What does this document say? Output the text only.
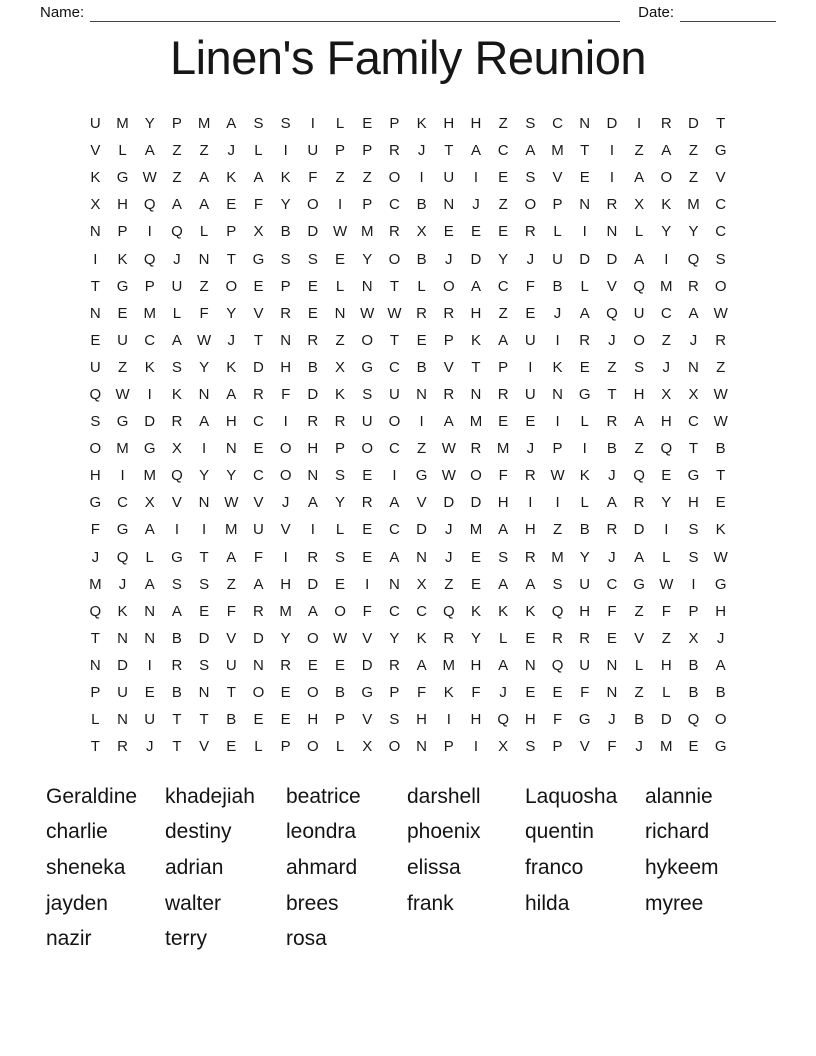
Name:	Date:
Linen's Family Reunion
U	M	Y	P	M	A	S	S	I	L	E	P	K	H	H	Z	S	C	N	D	I	R	D	T
V	L	A	Z	Z	J	L	I	U	P	P	R	J	T	A	C	A	M	T	I	Z	A	Z	G
K	G W	Z	A	K	A	K	F	Z	Z	O	I	U	I	E	S	V	E	I	A	O	Z	V
X	H	Q	A	A	E	F	Y	O	I	P	C	B	N	J	Z	O	P	N	R	X	K	M	C
N	P	I	Q	L	P	X	B	D W M	R	X	E	E	E	R	L	I	N	L	Y	Y	C
I	K	Q	J	N	T	G	S	S	E	Y	O	B	J	D	Y	J	U	D	D	A	I	Q	S
T	G	P	U	Z	O	E	P	E	L	N	T	L	O	A	C	F	B	L	V	Q	M	R	O
N	E	M	L	F	Y	V	R	E	N W W R	R	H	Z	E	J	A	Q	U	C	A	W
E	U	C	A	W	J	T	N	R	Z	O	T	E	P	K	A	U	I	R	J	O	Z	J	R
U	Z	K	S	Y	K	D	H	B	X	G	C	B	V	T	P	I	K	E	Z	S	J	N	Z
Q W	I	K	N	A	R	F	D	K	S	U	N	R	N	R	U	N	G	T	H	X	X	W
S	G	D	R	A	H	C	I	R	R	U	O	I	A	M	E	E	I	L	R	A	H	C W
O	M	G	X	I	N	E	O	H	P	O	C	Z	W R	M	J	P	I	B	Z	Q	T	B
H	I	M	Q	Y	Y	C	O	N	S	E	I	G W O	F	R W	K	J	Q	E	G	T
G	C	X	V	N W	V	J	A	Y	R	A	V	D	D	H	I	I	L	A	R	Y	H	E
F	G	A	I	I	M	U	V	I	L	E	C	D	J	M	A	H	Z	B	R	D	I	S	K
J	Q	L	G	T	A	F	I	R	S	E	A	N	J	E	S	R	M	Y	J	A	L	S	W
M	J	A	S	S	Z	A	H	D	E	I	N	X	Z	E	A	A	S	U	C	G W	I	G
Q	K	N	A	E	F	R	M	A	O	F	C	C	Q	K	K	K	Q	H	F	Z	F	P	H
T	N	N	B	D	V	D	Y	O W	V	Y	K	R	Y	L	E	R	R	E	V	Z	X	J
N	D	I	R	S	U	N	R	E	E	D	R	A	M	H	A	N	Q	U	N	L	H	B	A
P	U	E	B	N	T	O	E	O	B	G	P	F	K	F	J	E	E	F	N	Z	L	B	B
L	N	U	T	T	B	E	E	H	P	V	S	H	I	H	Q	H	F	G	J	B	D	Q	O
T	R	J	T	V	E	L	P	O	L	X	O	N	P	I	X	S	P	V	F	J	M	E	G
Geraldine	khadejiah	beatrice	darshell	Laquosha	alannie
charlie	destiny	leondra	phoenix	quentin	richard
sheneka	adrian	ahmard	elissa	franco	hykeem
jayden	walter	brees	frank	hilda	myree
nazir	terry	rosa
